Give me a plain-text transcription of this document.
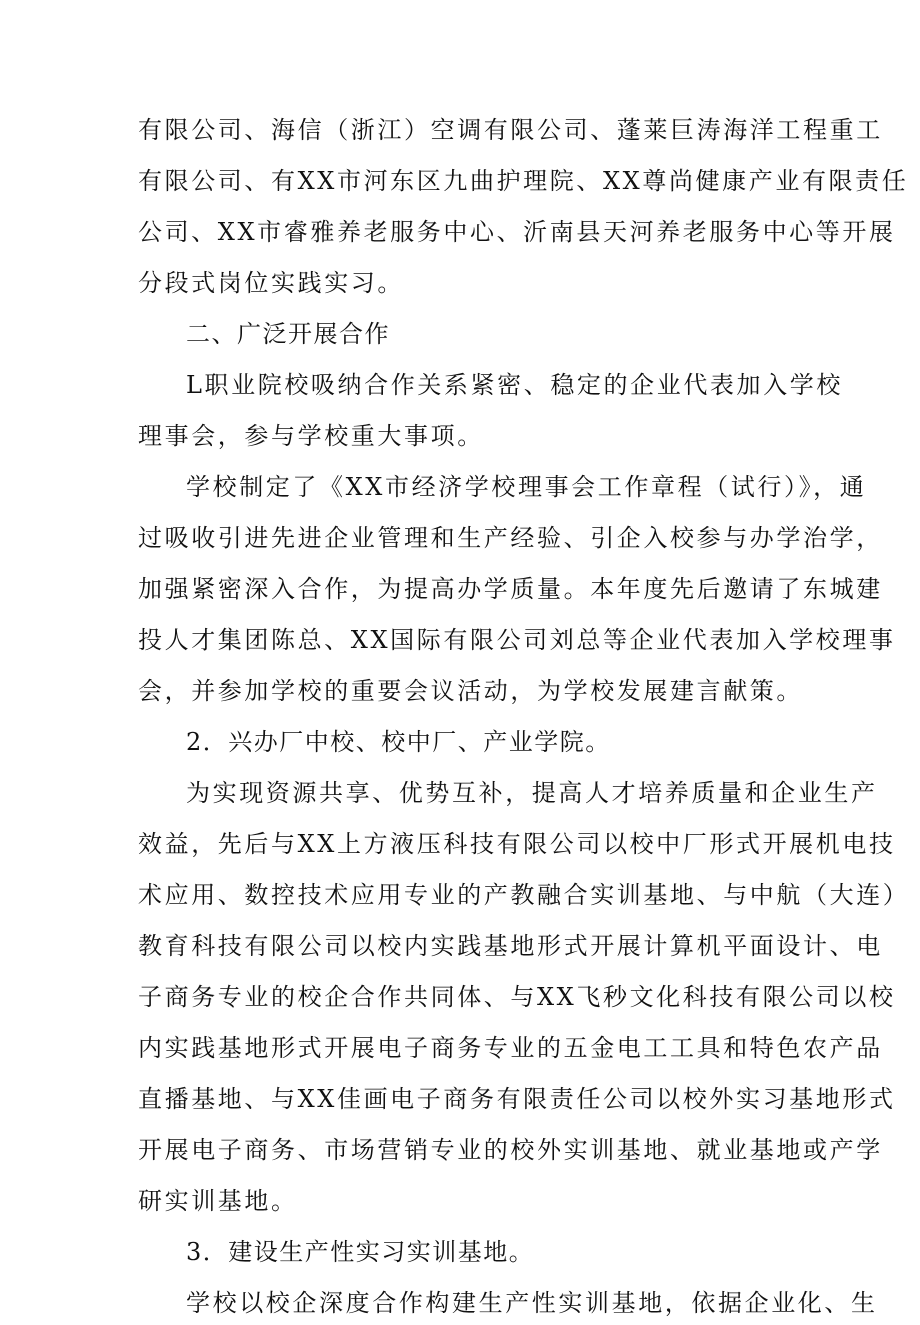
有限公司、海信（浙江）空调有限公司、蓬莱巨涛海洋工程重工
有限公司、有XX市河东区九曲护理院、XX尊尚健康产业有限责任
公司、XX市睿雅养老服务中心、沂南县天河养老服务中心等开展
分段式岗位实践实习。
二、广泛开展合作
L职业院校吸纳合作关系紧密、稳定的企业代表加入学校
理事会，参与学校重大事项。
学校制定了《XX市经济学校理事会工作章程（试行）》，通
过吸收引进先进企业管理和生产经验、引企入校参与办学治学，
加强紧密深入合作，为提高办学质量。本年度先后邀请了东城建
投人才集团陈总、XX国际有限公司刘总等企业代表加入学校理事
会，并参加学校的重要会议活动，为学校发展建言献策。
2．兴办厂中校、校中厂、产业学院。
为实现资源共享、优势互补，提高人才培养质量和企业生产
效益，先后与XX上方液压科技有限公司以校中厂形式开展机电技
术应用、数控技术应用专业的产教融合实训基地、与中航（大连）
教育科技有限公司以校内实践基地形式开展计算机平面设计、电
子商务专业的校企合作共同体、与XX飞秒文化科技有限公司以校
内实践基地形式开展电子商务专业的五金电工工具和特色农产品
直播基地、与XX佳画电子商务有限责任公司以校外实习基地形式
开展电子商务、市场营销专业的校外实训基地、就业基地或产学
研实训基地。
3．建设生产性实习实训基地。
学校以校企深度合作构建生产性实训基地，依据企业化、生
